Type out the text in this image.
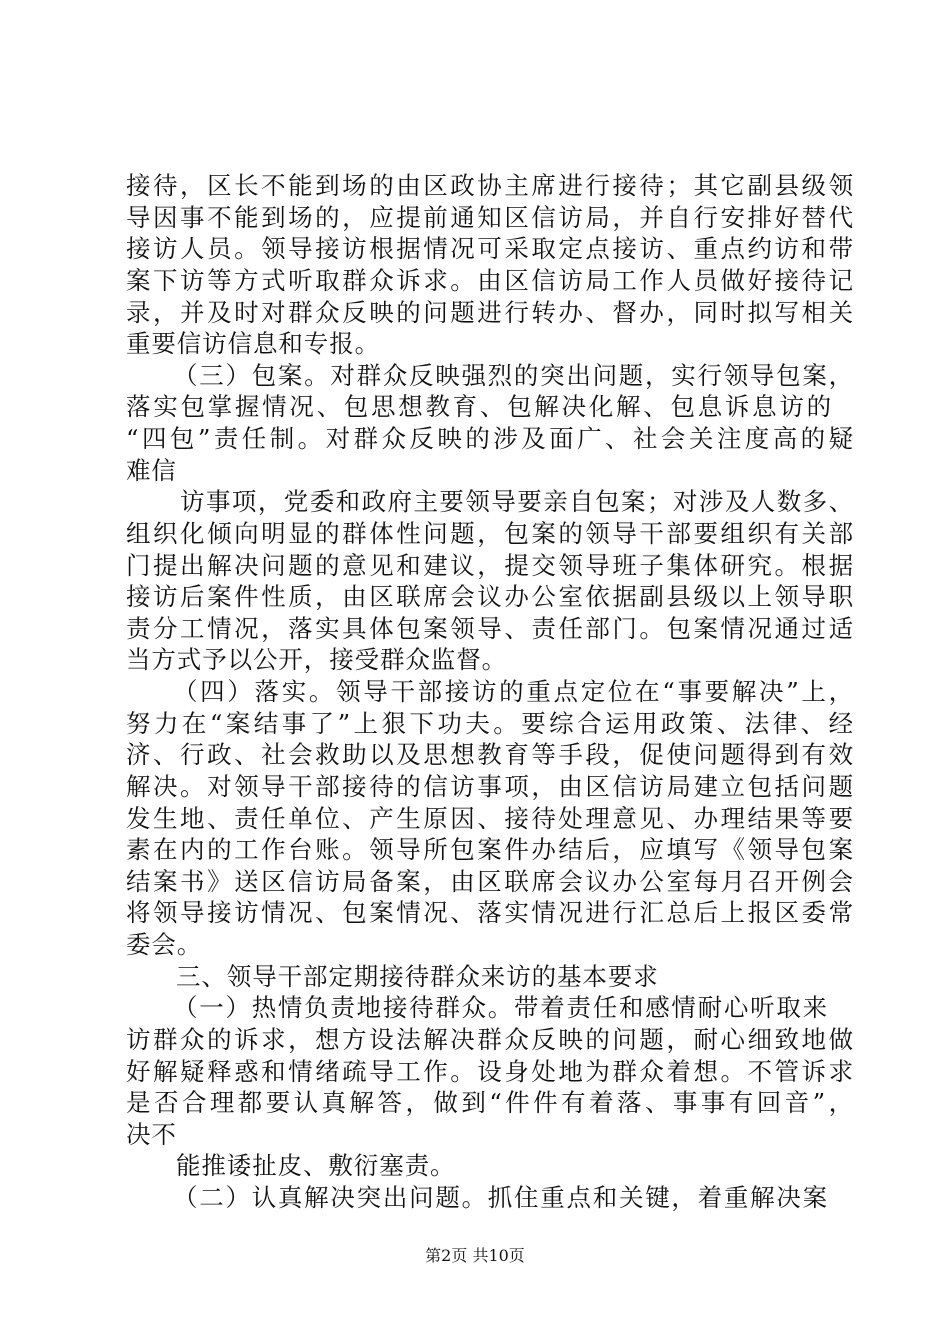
接待，区长不能到场的由区政协主席进行接待；其它副县级领
导因事不能到场的，应提前通知区信访局，并自行安排好替代
接访人员。领导接访根据情况可采取定点接访、重点约访和带
案下访等方式听取群众诉求。由区信访局工作人员做好接待记
录，并及时对群众反映的问题进行转办、督办，同时拟写相关
重要信访信息和专报。
（三）包案。对群众反映强烈的突出问题，实行领导包案，
落实包掌握情况、包思想教育、包解决化解、包息诉息访的
“四包”责任制。对群众反映的涉及面广、社会关注度高的疑
难信
访事项，党委和政府主要领导要亲自包案；对涉及人数多、
组织化倾向明显的群体性问题，包案的领导干部要组织有关部
门提出解决问题的意见和建议，提交领导班子集体研究。根据
接访后案件性质，由区联席会议办公室依据副县级以上领导职
责分工情况，落实具体包案领导、责任部门。包案情况通过适
当方式予以公开，接受群众监督。
（四）落实。领导干部接访的重点定位在“事要解决”上，
努力在“案结事了”上狠下功夫。要综合运用政策、法律、经
济、行政、社会救助以及思想教育等手段，促使问题得到有效
解决。对领导干部接待的信访事项，由区信访局建立包括问题
发生地、责任单位、产生原因、接待处理意见、办理结果等要
素在内的工作台账。领导所包案件办结后，应填写《领导包案
结案书》送区信访局备案，由区联席会议办公室每月召开例会
将领导接访情况、包案情况、落实情况进行汇总后上报区委常
委会。
三、领导干部定期接待群众来访的基本要求
（一）热情负责地接待群众。带着责任和感情耐心听取来
访群众的诉求，想方设法解决群众反映的问题，耐心细致地做
好解疑释惑和情绪疏导工作。设身处地为群众着想。不管诉求
是否合理都要认真解答，做到“件件有着落、事事有回音”，
决不
能推诿扯皮、敷衍塞责。
（二）认真解决突出问题。抓住重点和关键，着重解决案
第2页 共10页
